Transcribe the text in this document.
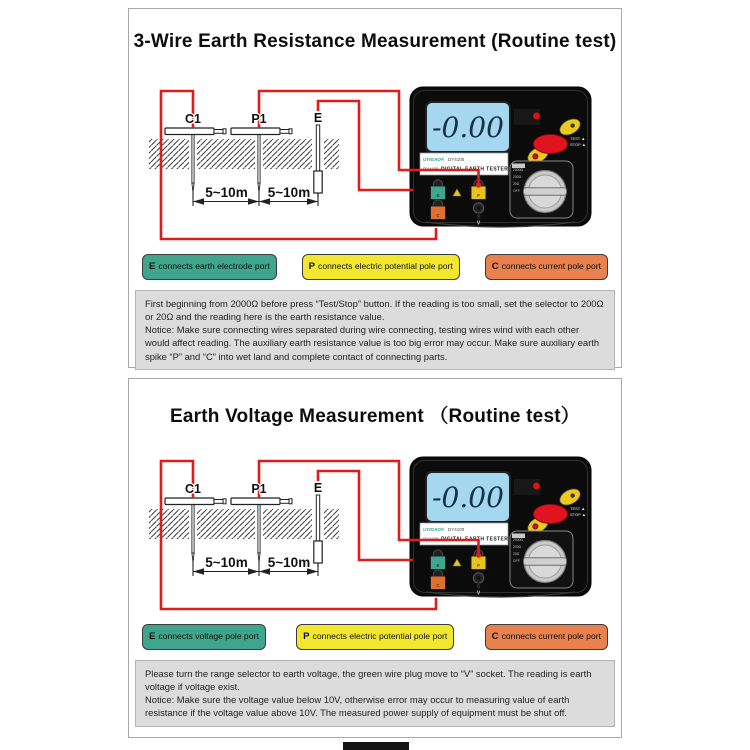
3-Wire Earth Resistance Measurement (Routine test)
-0.00	TEST ▲
STOP ▲
UYIGAO® DY4100
DY4100 DIGITAL EARTH TESTER 2000Ω
200Ω
20Ω
OFF
E
C
P
V
C1	P1	E
5~10m 5~10m
E connects earth electrode port	P connects electric potential pole port	C connects current pole port
First beginning from 2000Ω before press “Test/Stop” button. If the reading is too small, set the selector to 200Ω or 20Ω and the reading here is the earth resistance value.
Notice: Make sure connecting wires separated during wire connecting, testing wires wind with each other would affect reading. The auxiliary earth resistance value is too big error may occur. Make sure auxiliary earth spike “P” and “C” into wet land and complete contact of connecting parts.
Earth Voltage Measurement （Routine test）
-0.00	TEST ▲
STOP ▲
UYIGAO® DY4100
DY4100 DIGITAL EARTH TESTER 2000Ω
200Ω
20Ω
OFF
E
C
P
V
C1	P1	E
5~10m 5~10m
E connects voltage pole port	P connects electric potential pole port	C connects current pole port
Please turn the range selector to earth voltage, the green wire plug move to “V” socket. The reading is earth voltage if voltage exist.
Notice: Make sure the voltage value below 10V, otherwise error may occur to measuring value of earth resistance if the voltage value above 10V. The measured power supply of equipment must be shut off.
